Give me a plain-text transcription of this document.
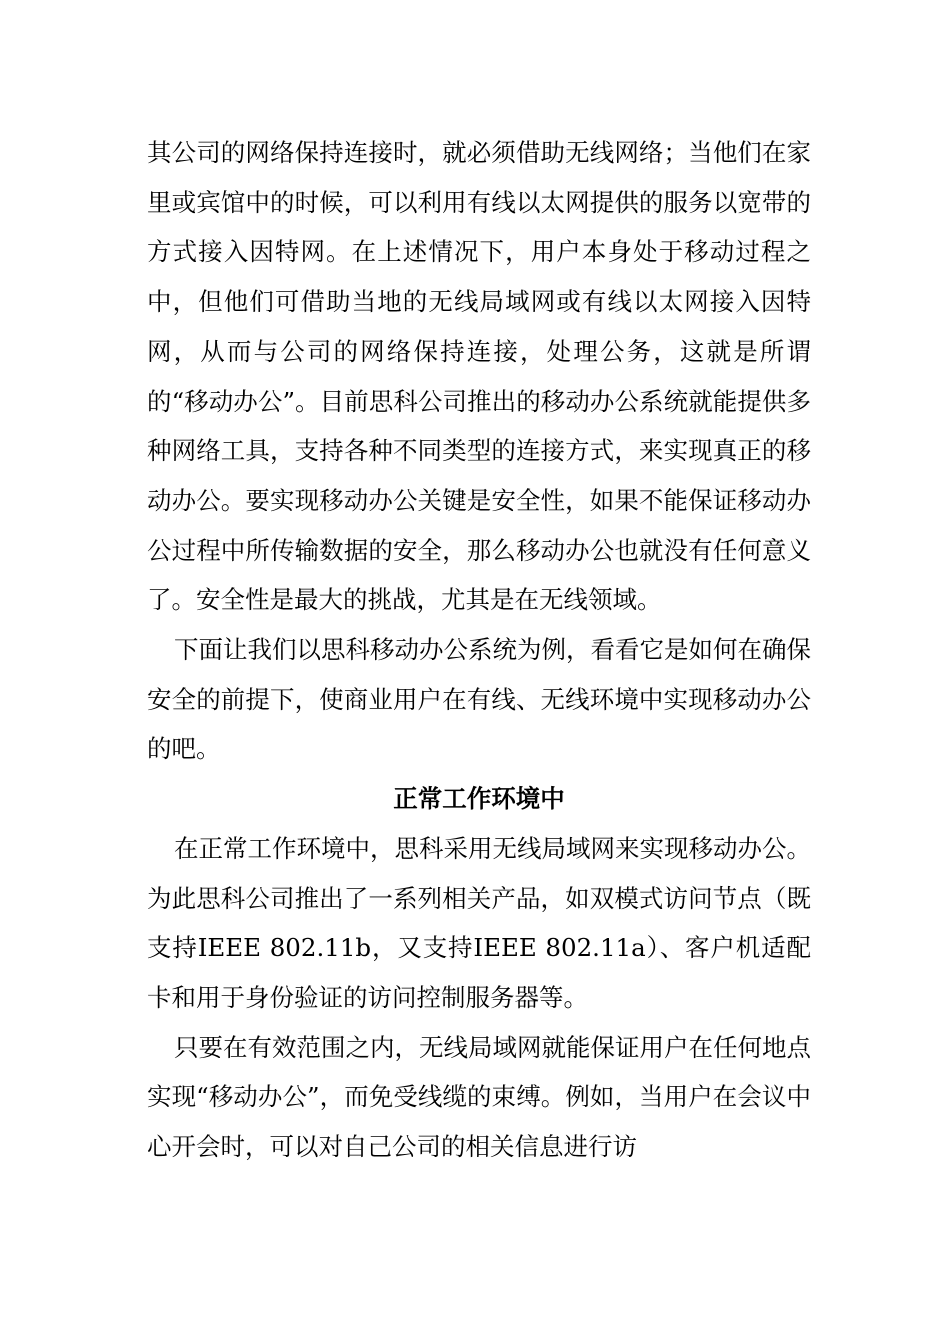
其公司的网络保持连接时，就必须借助无线网络；当他们在家里或宾馆中的时候，可以利用有线以太网提供的服务以宽带的方式接入因特网。在上述情况下，用户本身处于移动过程之中，但他们可借助当地的无线局域网或有线以太网接入因特网，从而与公司的网络保持连接，处理公务，这就是所谓的“移动办公”。目前思科公司推出的移动办公系统就能提供多种网络工具，支持各种不同类型的连接方式，来实现真正的移动办公。要实现移动办公关键是安全性，如果不能保证移动办公过程中所传输数据的安全，那么移动办公也就没有任何意义了。安全性是最大的挑战，尤其是在无线领域。

下面让我们以思科移动办公系统为例，看看它是如何在确保安全的前提下，使商业用户在有线、无线环境中实现移动办公的吧。

正常工作环境中

在正常工作环境中，思科采用无线局域网来实现移动办公。为此思科公司推出了一系列相关产品，如双模式访问节点（既支持IEEE 802.11b，又支持IEEE 802.11a）、客户机适配卡和用于身份验证的访问控制服务器等。

只要在有效范围之内，无线局域网就能保证用户在任何地点实现“移动办公”，而免受线缆的束缚。例如，当用户在会议中心开会时，可以对自己公司的相关信息进行访
